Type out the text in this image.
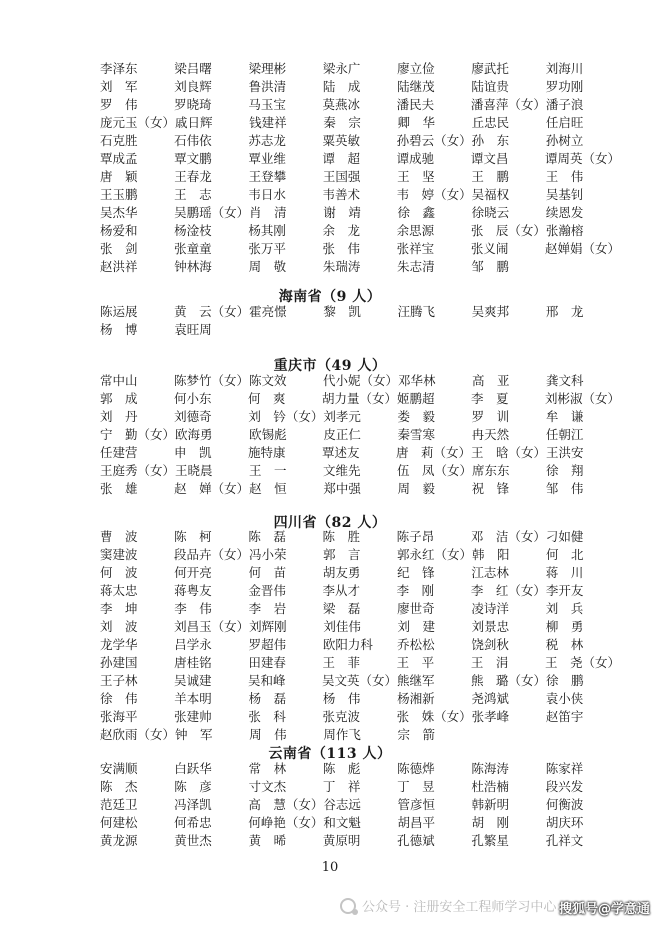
李泽东	梁吕曙	梁理彬	梁永广	廖立俭	廖武托	刘海川
刘　军	刘良辉	鲁洪清	陆　成	陆继茂	陆谊贵	罗功刚
罗　伟	罗晓琦	马玉宝	莫燕冰	潘民夫	潘喜萍（女） 潘子浪
庞元玉（女） 戚日辉	钱建祥	秦　宗	卿　华	丘忠民	任启旺
石克胜	石伟依	苏志龙	粟英敏	孙碧云（女） 孙　东	孙树立
覃成孟	覃文鹏	覃业维	谭　超	谭成驰	谭文昌	谭周英（女）
唐　颖	王春龙	王登攀	王国强	王　坚	王　鹏	王　伟
王玉鹏	王　志	韦日水	韦善术	韦　婷（女） 吴福权	吴基钊
吴杰华	吴鹏瑶（女） 肖　清	谢　靖	徐　鑫	徐晓云	续恩发
杨爱和	杨淦枝	杨其刚	余　龙	余思源	张　辰（女） 张瀚榕
张　剑	张童童	张万平	张　伟	张祥宝	张义闹	赵婵娟（女）
赵洪祥	钟林海	周　敬	朱瑞涛	朱志清	邹　鹏
海南省（9 人）
陈运展	黄　云（女） 霍亮憬	黎　凯	汪腾飞	吴爽邦	邢　龙
杨　博	袁旺周
重庆市（49 人）
常中山	陈梦竹（女） 陈文效	代小妮（女） 邓华林	高　亚	龚文科
郭　成	何小东	何　爽	胡力量（女） 姬鹏超	李　夏	刘彬淑（女）
刘　丹	刘德奇	刘　钤（女） 刘孝元	娄　毅	罗　训	牟　谦
宁　勤（女） 欧海勇	欧锡彪	皮正仁	秦雪寒	冉天然	任朝江
任建营	申　凯	施特康	覃述友	唐　莉（女） 王　晗（女） 王洪安
王庭秀（女） 王晓晨	王　一	文维先	伍　凤（女） 席东东	徐　翔
张　雄	赵　婵（女） 赵　恒	郑中强	周　毅	祝　锋	邹　伟
四川省（82 人）
曹　波	陈　柯	陈　磊	陈　胜	陈子昂	邓　洁（女） 刁如健
窦建波	段品卉（女） 冯小荣	郭　言	郭永红（女） 韩　阳	何　北
何　波	何开亮	何　苗	胡友勇	纪　锋	江志林	蒋　川
蒋太忠	蒋粤友	金晋伟	李从才	李　刚	李　红（女） 李开友
李　坤	李　伟	李　岩	梁　磊	廖世奇	凌诗洋	刘　兵
刘　波	刘昌玉（女） 刘辉刚	刘佳伟	刘　建	刘景忠	柳　勇
龙学华	吕学永	罗超伟	欧阳力科	乔松松	饶剑秋	税　林
孙建国	唐桂铭	田建春	王　菲	王　平	王　涓	王　尧（女）
王子林	吴诚建	吴和峰	吴文英（女） 熊继军	熊　璐（女） 徐　鹏
徐　伟	羊本明	杨　磊	杨　伟	杨湘新	尧鸿斌	袁小侠
张海平	张建帅	张　科	张克波	张　姝（女） 张孝峰	赵笛宇
赵欣雨（女） 钟　军	周　伟	周作飞	宗　箭
云南省（113 人）
安满顺	白跃华	常　林	陈　彪	陈德烨	陈海涛	陈家祥
陈　杰	陈　彦	寸文杰	丁　祥	丁　昱	杜浩楠	段兴发
范廷卫	冯泽凯	高　慧（女） 谷志远	管彦恒	韩新明	何衡波
何建松	何希忠	何峥艳（女） 和文魁	胡昌平	胡　刚	胡庆环
黄龙源	黄世杰	黄　晞	黄原明	孔德斌	孔繁星	孔祥文
10
公众号 · 注册安全工程师学习中心 搜狐号@学意通
